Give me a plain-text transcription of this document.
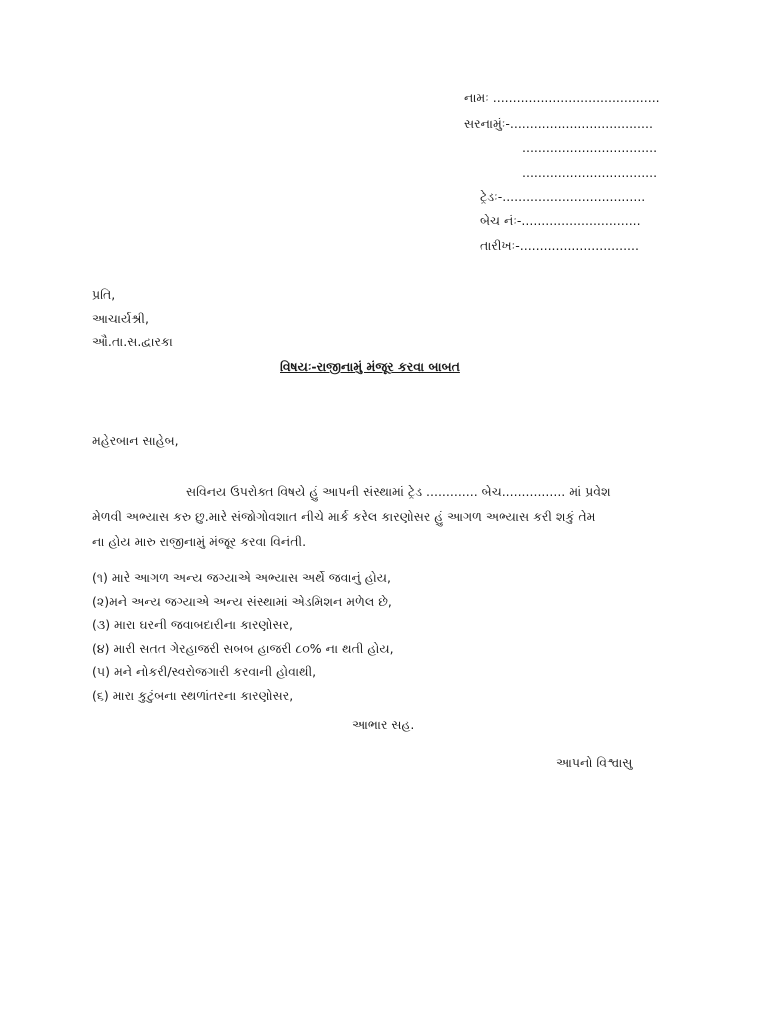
નામઃ ..........................................
સરનામુંઃ-....................................
..................................
..................................
ટ્રેડઃ-....................................
બેચ નંઃ-..............................
તારીખઃ-..............................
પ્રતિ,
આચાર્યશ્રી,
ઔ.તા.સ.દ્વારકા
વિષયઃ-રાજીનામું મંજૂર કરવા બાબત
મહેરબાન સાહેબ,

સવિનય ઉપરોક્ત વિષયે હું આપની સંસ્થામાં ટ્રેડ ............. બેચ................ માં પ્રવેશ

મેળવી અભ્યાસ કરુ છુ.મારે સંજોગોવશાત નીચે માર્ક કરેલ કારણોસર હું આગળ અભ્યાસ કરી શકું તેમ

ના હોય મારુ રાજીનામું મંજૂર કરવા વિનંતી.

(૧) મારે આગળ અન્ય જગ્યાએ અભ્યાસ અર્થે જવાનું હોય,
(૨)મને અન્ય જગ્યાએ અન્ય સંસ્થામાં એડમિશન મળેલ છે,
(૩) મારા ઘરની જવાબદારીના કારણોસર,
(૪) મારી સતત ગેરહાજરી સબબ હાજરી ૮૦% ના થતી હોય,
(૫) મને નોકરી/સ્વરોજગારી કરવાની હોવાથી,
(૬) મારા કુટુંબના સ્થળાંતરના કારણોસર,
આભાર સહ.
આપનો વિશ્વાસુ
